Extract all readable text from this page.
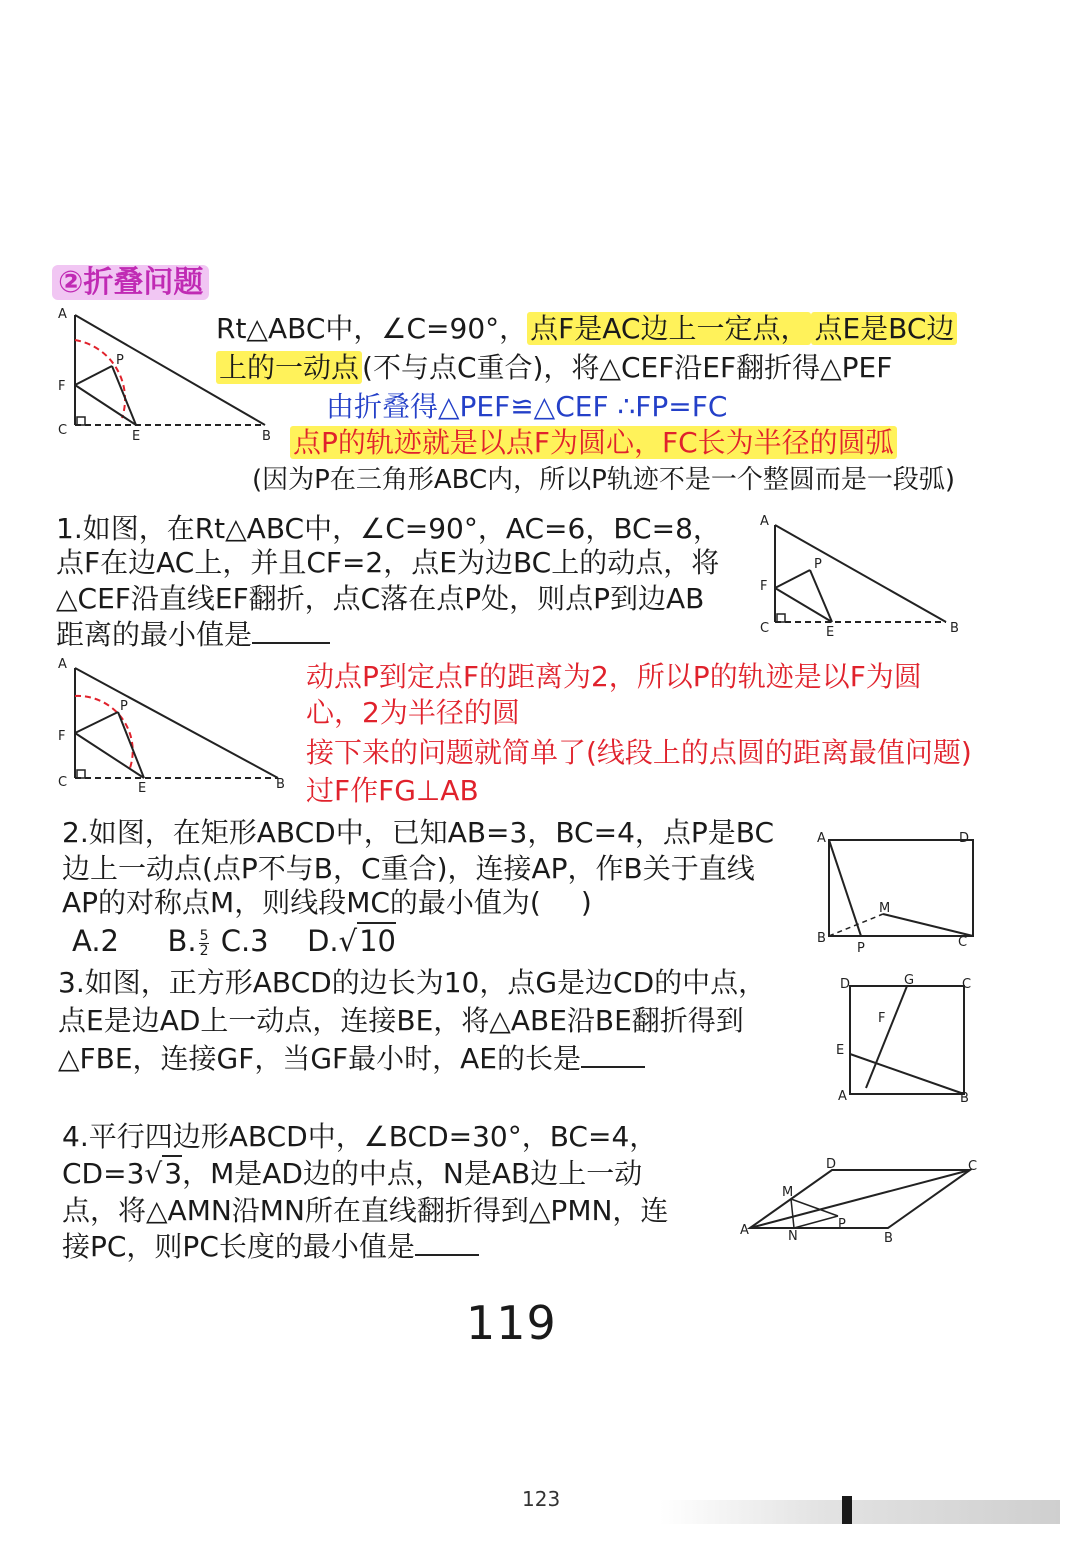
②折叠问题
A
F
C	E	B
P
Rt△ABC中，∠C=90°， 点F是AC边上一定点， 点E是BC边
上的一动点 (不与点C重合)，将△CEF沿EF翻折得△PEF
由折叠得△PEF≌△CEF ∴FP=FC
点P的轨迹就是以点F为圆心，FC长为半径的圆弧
(因为P在三角形ABC内，所以P轨迹不是一个整圆而是一段弧)
1.如图，在Rt△ABC中，∠C=90°，AC=6，BC=8，
点F在边AC上，并且CF=2，点E为边BC上的动点，将
△CEF沿直线EF翻折，点C落在点P处，则点P到边AB
距离的最小值是
A
F
C	E	B
P
A
F
C	E	B
P
动点P到定点F的距离为2，所以P的轨迹是以F为圆
心，2为半径的圆
接下来的问题就简单了(线段上的点圆的距离最值问题)
过F作FG⊥AB
2.如图，在矩形ABCD中，已知AB=3，BC=4，点P是BC
边上一动点(点P不与B，C重合)，连接AP，作B关于直线
AP的对称点M，则线段MC的最小值为( )
A.2 B. $\frac{5}{2} C.3$ D.√10
A	D
B	C
M
P
3.如图，正方形ABCD的边长为10，点G是边CD的中点，
点E是边AD上一动点，连接BE，将△ABE沿BE翻折得到
△FBE，连接GF，当GF最小时，AE的长是
D	G	C
E
F
A	B
4.平行四边形ABCD中，∠BCD=30°，BC=4，
CD=3√3，M是AD边的中点，N是AB边上一动
点，将△AMN沿MN所在直线翻折得到△PMN，连
接PC，则PC长度的最小值是	A
D	C
B
M
N
P
119
123
